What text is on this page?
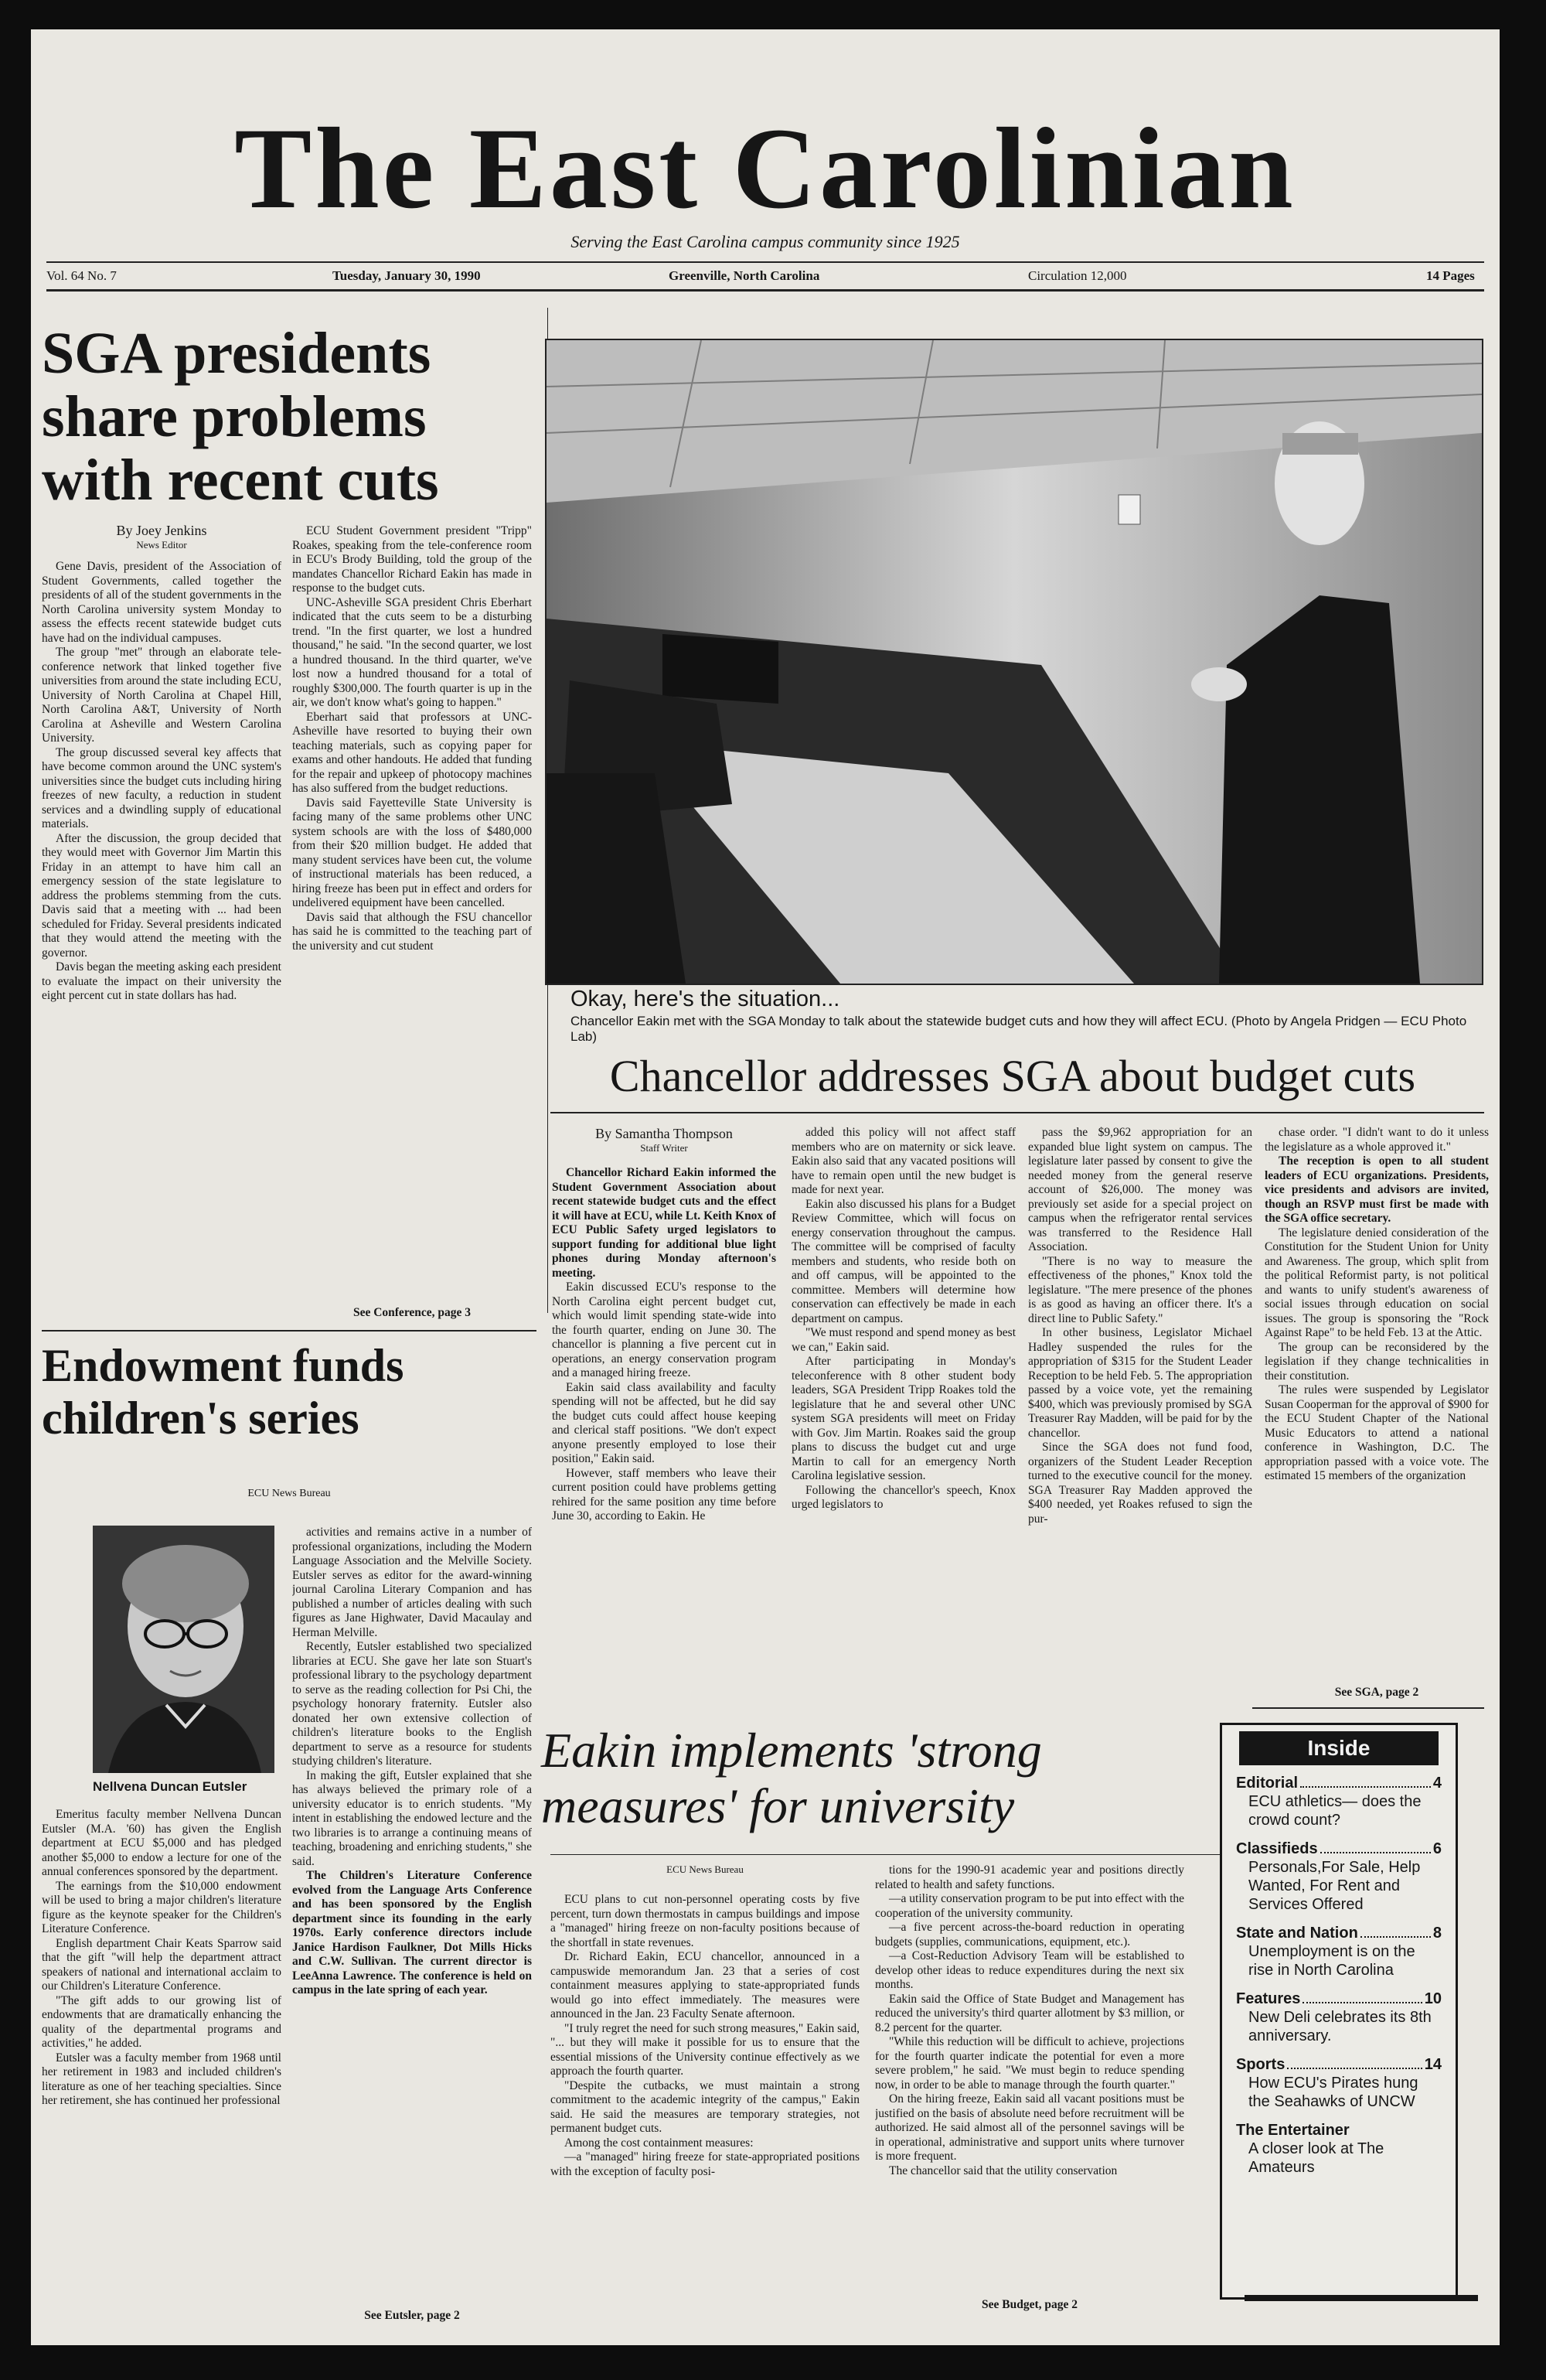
The East Carolinian
Serving the East Carolina campus community since 1925
Vol. 64 No. 7	Tuesday, January 30, 1990	Greenville, North Carolina	Circulation 12,000	14 Pages
SGA presidents share problems with recent cuts
By Joey Jenkins
News Editor

Gene Davis, president of the Association of Student Governments, called together the presidents of all of the student governments in the North Carolina university system Monday to assess the effects recent statewide budget cuts have had on the individual campuses.

The group "met" through an elaborate tele-conference network that linked together five universities from around the state including ECU, University of North Carolina at Chapel Hill, North Carolina A&T, University of North Carolina at Asheville and Western Carolina University.

The group discussed several key affects that have become common around the UNC system's universities since the budget cuts including hiring freezes of new faculty, a reduction in student services and a dwindling supply of educational materials.

After the discussion, the group decided that they would meet with Governor Jim Martin this Friday in an attempt to have him call an emergency session of the state legislature to address the problems stemming from the cuts. Davis said that a meeting with ... had been scheduled for Friday. Several presidents indicated that they would attend the meeting with the governor.

Davis began the meeting asking each president to evaluate the impact on their university the eight percent cut in state dollars has had.

ECU Student Government president "Tripp" Roakes, speaking from the tele-conference room in ECU's Brody Building, told the group of the mandates Chancellor Richard Eakin has made in response to the budget cuts.

UNC-Asheville SGA president Chris Eberhart indicated that the cuts seem to be a disturbing trend. "In the first quarter, we lost a hundred thousand," he said. "In the second quarter, we lost a hundred thousand. In the third quarter, we've lost now a hundred thousand for a total of roughly $300,000. The fourth quarter is up in the air, we don't know what's going to happen."

Eberhart said that professors at UNC-Asheville have resorted to buying their own teaching materials, such as copying paper for exams and other handouts. He added that funding for the repair and upkeep of photocopy machines has also suffered from the budget reductions.

Davis said Fayetteville State University is facing many of the same problems other UNC system schools are with the loss of $480,000 from their $20 million budget. He added that many student services have been cut, the volume of instructional materials has been reduced, a hiring freeze has been put in effect and orders for undelivered equipment have been cancelled.

Davis said that although the FSU chancellor has said he is committed to the teaching part of the university and cut student

See Conference, page 3
Okay, here's the situation...
Chancellor Eakin met with the SGA Monday to talk about the statewide budget cuts and how they will affect ECU. (Photo by Angela Pridgen — ECU Photo Lab)
Chancellor addresses SGA about budget cuts
By Samantha Thompson
Staff Writer

Chancellor Richard Eakin informed the Student Government Association about recent statewide budget cuts and the effect it will have at ECU, while Lt. Keith Knox of ECU Public Safety urged legislators to support funding for additional blue light phones during Monday afternoon's meeting.

Eakin discussed ECU's response to the North Carolina eight percent budget cut, which would limit spending state-wide into the fourth quarter, ending on June 30. The chancellor is planning a five percent cut in operations, an energy conservation program and a managed hiring freeze.

Eakin said class availability and faculty spending will not be affected, but he did say the budget cuts could affect house keeping and clerical staff positions. "We don't expect anyone presently employed to lose their position," Eakin said.

However, staff members who leave their current position could have problems getting rehired for the same position any time before June 30, according to Eakin. He

added this policy will not affect staff members who are on maternity or sick leave. Eakin also said that any vacated positions will have to remain open until the new budget is made for next year.

Eakin also discussed his plans for a Budget Review Committee, which will focus on energy conservation throughout the campus. The committee will be comprised of faculty members and students, who reside both on and off campus, will be appointed to the committee. Members will determine how conservation can effectively be made in each department on campus.

"We must respond and spend money as best we can," Eakin said.

After participating in Monday's teleconference with 8 other student body leaders, SGA President Tripp Roakes told the legislature that he and several other UNC system SGA presidents will meet on Friday with Gov. Jim Martin. Roakes said the group plans to discuss the budget cut and urge Martin to call for an emergency North Carolina legislative session.

Following the chancellor's speech, Knox urged legislators to

pass the $9,962 appropriation for an expanded blue light system on campus. The legislature later passed by consent to give the needed money from the general reserve account of $26,000. The money was previously set aside for a special project on campus when the refrigerator rental services was transferred to the Residence Hall Association.

"There is no way to measure the effectiveness of the phones," Knox told the legislature. "The mere presence of the phones is as good as having an officer there. It's a direct line to Public Safety."

In other business, Legislator Michael Hadley suspended the rules for the appropriation of $315 for the Student Leader Reception to be held Feb. 5. The appropriation passed by a voice vote, yet the remaining $400, which was previously promised by SGA Treasurer Ray Madden, will be paid for by the chancellor.

Since the SGA does not fund food, organizers of the Student Leader Reception turned to the executive council for the money. SGA Treasurer Ray Madden approved the $400 needed, yet Roakes refused to sign the pur-

chase order. "I didn't want to do it unless the legislature as a whole approved it."

The reception is open to all student leaders of ECU organizations. Presidents, vice presidents and advisors are invited, though an RSVP must first be made with the SGA office secretary.

The legislature denied consideration of the Constitution for the Student Union for Unity and Awareness. The group, which split from the political Reformist party, is not political and wants to unify student's awareness of social issues through education on social issues. The group is sponsoring the "Rock Against Rape" to be held Feb. 13 at the Attic.

The group can be reconsidered by the legislation if they change technicalities in their constitution.

The rules were suspended by Legislator Susan Cooperman for the approval of $900 for the ECU Student Chapter of the National Music Educators to attend a national conference in Washington, D.C. The appropriation passed with a voice vote. The estimated 15 members of the organization

See SGA, page 2
Endowment funds children's series
ECU News Bureau
Nellvena Duncan Eutsler

Emeritus faculty member Nellvena Duncan Eutsler (M.A. '60) has given the English department at ECU $5,000 and has pledged another $5,000 to endow a lecture for one of the annual conferences sponsored by the department.

The earnings from the $10,000 endowment will be used to bring a major children's literature figure as the keynote speaker for the Children's Literature Conference.

English department Chair Keats Sparrow said that the gift "will help the department attract speakers of national and international acclaim to our Children's Literature Conference.

"The gift adds to our growing list of endowments that are dramatically enhancing the quality of the departmental programs and activities," he added.

Eutsler was a faculty member from 1968 until her retirement in 1983 and included children's literature as one of her teaching specialties. Since her retirement, she has continued her professional

activities and remains active in a number of professional organizations, including the Modern Language Association and the Melville Society. Eutsler serves as editor for the award-winning journal Carolina Literary Companion and has published a number of articles dealing with such figures as Jane Highwater, David Macaulay and Herman Melville.

Recently, Eutsler established two specialized libraries at ECU. She gave her late son Stuart's professional library to the psychology department to serve as the reading collection for Psi Chi, the psychology honorary fraternity. Eutsler also donated her own extensive collection of children's literature books to the English department to serve as a resource for students studying children's literature.

In making the gift, Eutsler explained that she has always believed the primary role of a university educator is to enrich students. "My intent in establishing the endowed lecture and the two libraries is to arrange a continuing means of teaching, broadening and enriching students," she said.

The Children's Literature Conference evolved from the Language Arts Conference and has been sponsored by the English department since its founding in the early 1970s. Early conference directors include Janice Hardison Faulkner, Dot Mills Hicks and C.W. Sullivan. The current director is LeeAnna Lawrence. The conference is held on campus in the late spring of each year.

See Eutsler, page 2
Eakin implements 'strong measures' for university
ECU News Bureau

ECU plans to cut non-personnel operating costs by five percent, turn down thermostats in campus buildings and impose a "managed" hiring freeze on non-faculty positions because of the shortfall in state revenues.

Dr. Richard Eakin, ECU chancellor, announced in a campuswide memorandum Jan. 23 that a series of cost containment measures applying to state-appropriated funds would go into effect immediately. The measures were announced in the Jan. 23 Faculty Senate afternoon.

"I truly regret the need for such strong measures," Eakin said, "... but they will make it possible for us to ensure that the essential missions of the University continue effectively as we approach the fourth quarter.

"Despite the cutbacks, we must maintain a strong commitment to the academic integrity of the campus," Eakin said. He said the measures are temporary strategies, not permanent budget cuts.

Among the cost containment measures:

—a "managed" hiring freeze for state-appropriated positions with the exception of faculty posi-

tions for the 1990-91 academic year and positions directly related to health and safety functions.

—a utility conservation program to be put into effect with the cooperation of the university community.

—a five percent across-the-board reduction in operating budgets (supplies, communications, equipment, etc.).

—a Cost-Reduction Advisory Team will be established to develop other ideas to reduce expenditures during the next six months.

Eakin said the Office of State Budget and Management has reduced the university's third quarter allotment by $3 million, or 8.2 percent for the quarter.

"While this reduction will be difficult to achieve, projections for the fourth quarter indicate the potential for even a more severe problem," he said. "We must begin to reduce spending now, in order to be able to manage through the fourth quarter."

On the hiring freeze, Eakin said all vacant positions must be justified on the basis of absolute need before recruitment will be authorized. He said almost all of the personnel savings will be in operational, administrative and support units where turnover is more frequent.

The chancellor said that the utility conservation

See Budget, page 2
Inside
Editorial	4
ECU athletics— does the crowd count?
Classifieds	6
Personals,For Sale, Help Wanted, For Rent and Services Offered
State and Nation	8
Unemployment is on the rise in North Carolina
Features	10
New Deli celebrates its 8th anniversary.
Sports	14
How ECU's Pirates hung the Seahawks of UNCW
The Entertainer
A closer look at The Amateurs
